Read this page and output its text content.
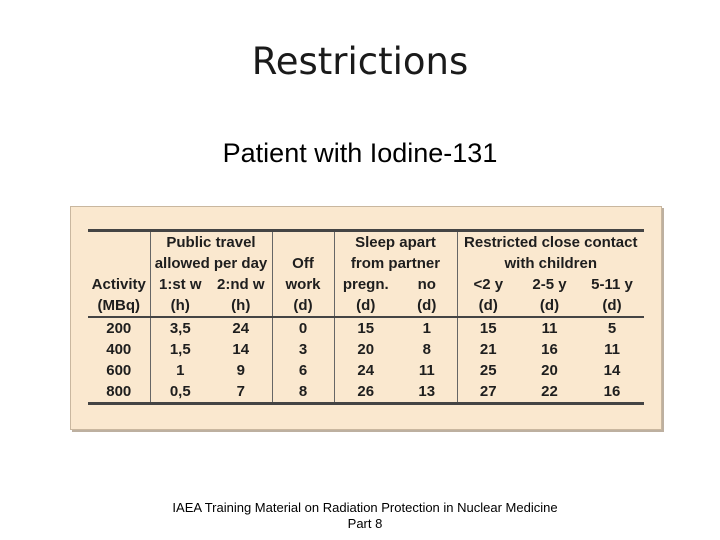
Restrictions
Patient with Iodine-131
	Public travel			Sleep apart		Restricted close contact		
	allowed per day		Off	from partner		with children		
Activity	1:st w	2:nd w	work	pregn.	no	<2 y	2-5 y	5-11 y
(MBq)	(h)	(h)	(d)	(d)	(d)	(d)	(d)	(d)
200	3,5	24	0	15	1	15	11	5
400	1,5	14	3	20	8	21	16	11
600	1	9	6	24	11	25	20	14
800	0,5	7	8	26	13	27	22	16
IAEA Training Material on Radiation Protection in Nuclear Medicine
Part 8
